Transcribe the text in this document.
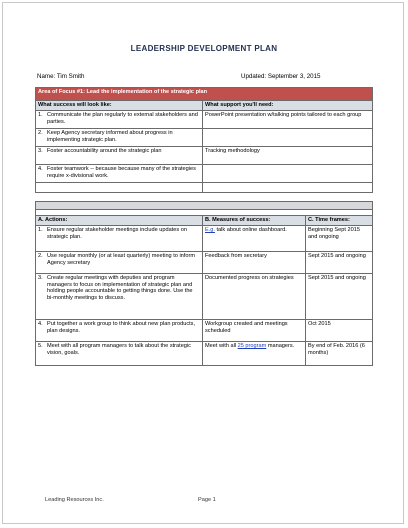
LEADERSHIP DEVELOPMENT PLAN
Name: Tim Smith	Updated: September 3, 2015
Area of Focus #1: Lead the implementation of the strategic plan	
What success will look like:	What support you'll need:

1. Communicate the plan regularly to external stakeholders and parties.	PowerPoint presentation w/talking points tailored to each group

2. Keep Agency secretary informed about progress in implementing strategic plan.	

3. Foster accountability around the strategic plan	Tracking methodology

4. Foster teamwork -- because because many of the strategies require x-divisional work.	

A. Actions:	B. Measures of success:	C. Time frames:

1. Ensure regular stakeholder meetings include updates on strategic plan.	E.g. talk about online dashboard.	Beginning Sept 2015 and ongoing

2. Use regular monthly (or at least quarterly) meeting to inform Agency secretary	Feedback from secretary	Sept 2015 and ongoing

3. Create regular meetings with deputies and program managers to focus on implementation of strategic plan and holding people accountable to getting things done. Use the bi-monthly meetings to discuss.	Documented progress on strategies	Sept 2015 and ongoing

4. Put together a work group to think about new plan products, plan designs.	Workgroup created and meetings scheduled	Oct 2015

5. Meet with all program managers to talk about the strategic vision, goals.	Meet with all 25 program managers.	By end of Feb. 2016 (6 months)
Leading Resources Inc.	Page 1
